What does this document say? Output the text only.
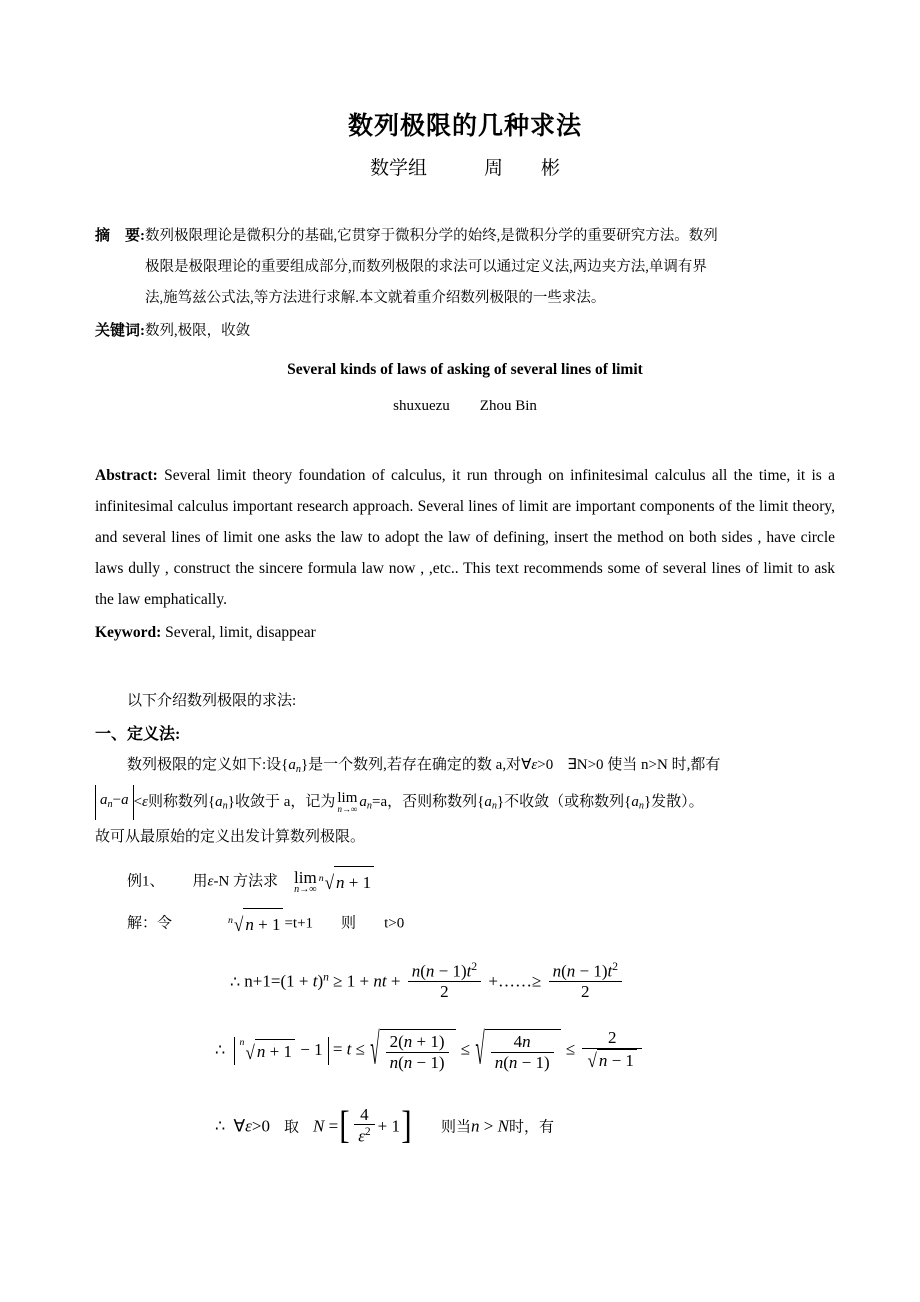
数列极限的几种求法
数学组　　　周　　彬
摘　要: 数列极限理论是微积分的基础,它贯穿于微积分学的始终,是微积分学的重要研究方法。数列
极限是极限理论的重要组成部分,而数列极限的求法可以通过定义法,两边夹方法,单调有界
法,施笃兹公式法,等方法进行求解.本文就着重介绍数列极限的一些求法。
关键词: 数列,极限，收敛
Several kinds of laws of asking of several lines of limit
shuxuezu        Zhou Bin
Abstract: Several limit theory foundation of calculus, it run through on infinitesimal calculus all the time, it is a infinitesimal calculus important research approach. Several lines of limit are important components of the limit theory, and several lines of limit one asks the law to adopt the law of defining, insert the method on both sides , have circle laws dully , construct the sincere formula law now , ,etc.. This text recommends some of several lines of limit to ask the law emphatically.
Keyword: Several, limit, disappear
以下介绍数列极限的求法:
一、定义法:
数列极限的定义如下:设$\{a_n\}$是一个数列,若存在确定的数 a,对∀ε>0 ∃N>0 使当 n>N 时,都有
$a_n-a <\varepsilon$则称数列$\{a_n\}$收敛于 a，记为 lim
n→∞ $a_n=a$，否则称数列$\{a_n\}$不收敛（或称数列$\{a_n\}$发散）。
故可从最原始的定义出发计算数列极限。
例1、 用ε-N 方法求 lim
n→∞
n √ n + 1
解：令	n √ n + 1 =t+1 则 t>0
∴ $n+1=(1 + t)^n \ge 1$ + nt + $\frac{n(n - 1)t^2}{2}$ +……≥ $\frac{n(n - 1)t^2}{2}$
∴ n √ n + 1 − 1 = t ≤ √ $\frac{2(n + 1)}{n(n - 1)}$ ≤ √ $\frac{4n}{n(n - 1)} \le \frac{2}{√ n - 1}$
∴ ∀ε>0 取 N =[ $\frac{4}{\varepsilon^2} + 1$] 则当n > N时，有
